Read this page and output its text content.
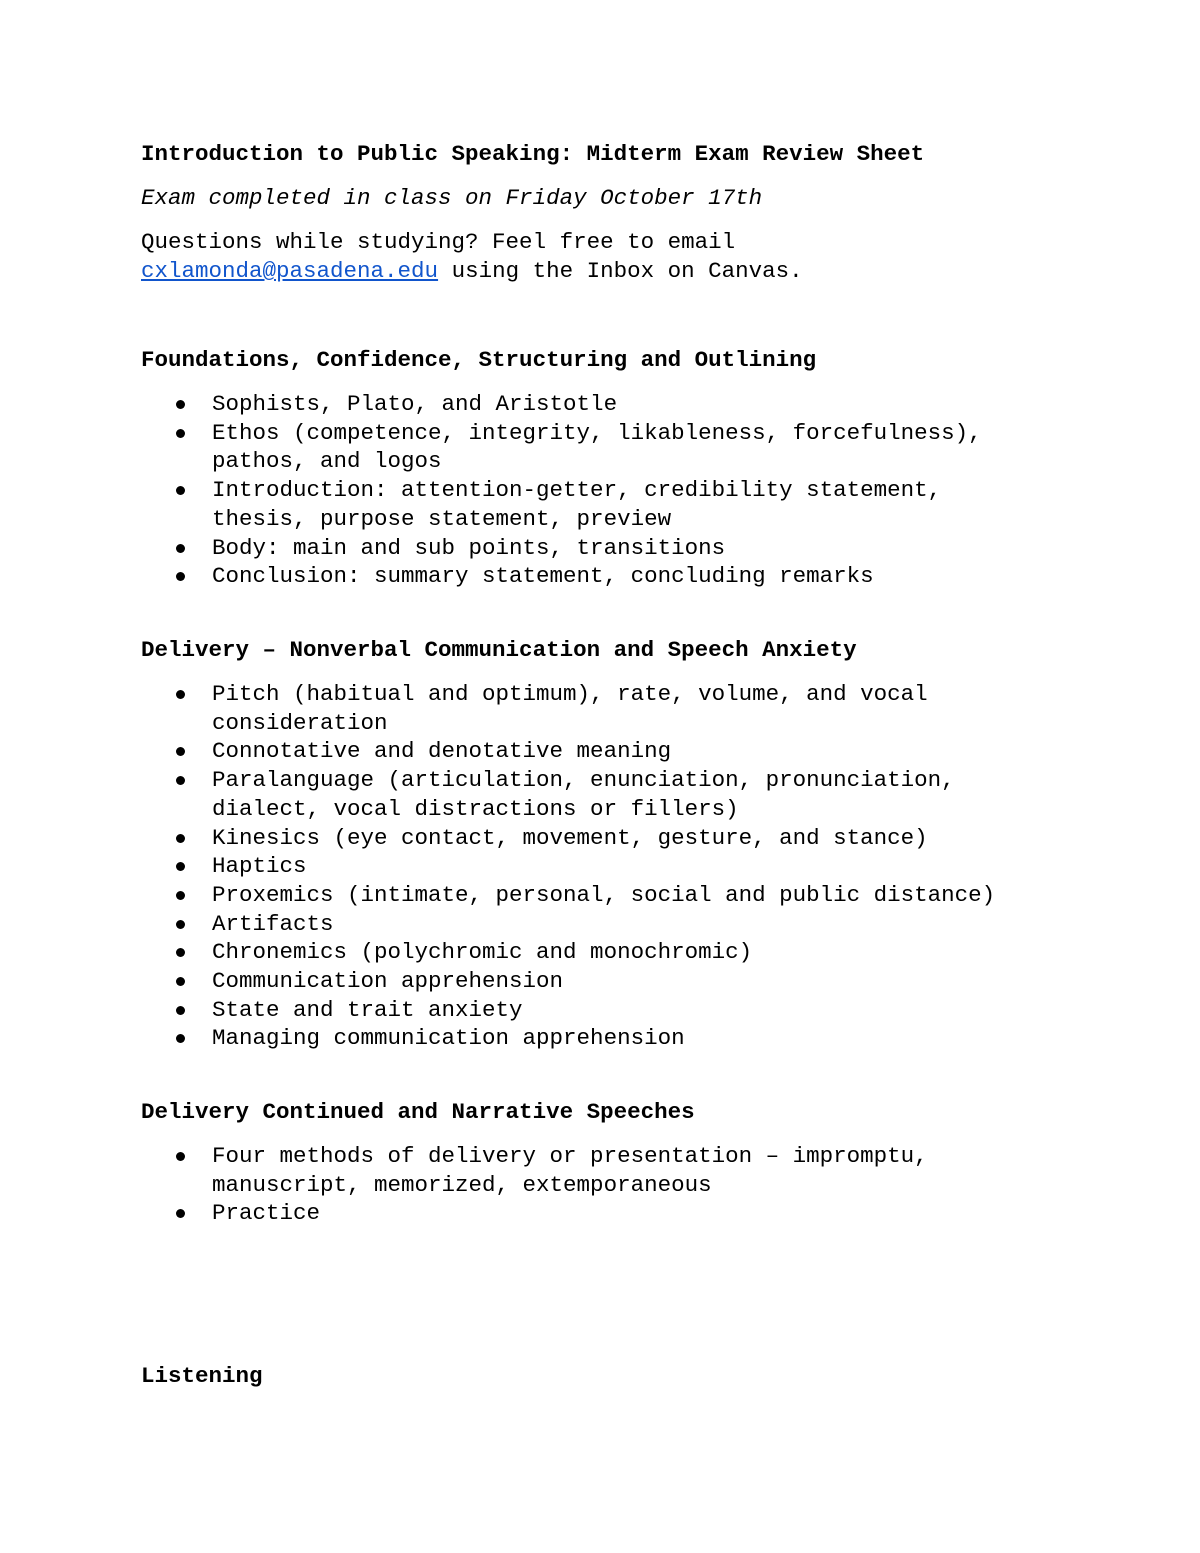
Introduction to Public Speaking: Midterm Exam Review Sheet
Exam completed in class on Friday October 17th
Questions while studying? Feel free to email
cxlamonda@pasadena.edu using the Inbox on Canvas.
Foundations, Confidence, Structuring and Outlining
Sophists, Plato, and Aristotle
Ethos (competence, integrity, likableness, forcefulness), pathos, and logos
Introduction: attention-getter, credibility statement, thesis, purpose statement, preview
Body: main and sub points, transitions
Conclusion: summary statement, concluding remarks
Delivery – Nonverbal Communication and Speech Anxiety
Pitch (habitual and optimum), rate, volume, and vocal consideration
Connotative and denotative meaning
Paralanguage (articulation, enunciation, pronunciation, dialect, vocal distractions or fillers)
Kinesics (eye contact, movement, gesture, and stance)
Haptics
Proxemics (intimate, personal, social and public distance)
Artifacts
Chronemics (polychromic and monochromic)
Communication apprehension
State and trait anxiety
Managing communication apprehension
Delivery Continued and Narrative Speeches
Four methods of delivery or presentation – impromptu, manuscript, memorized, extemporaneous
Practice
Listening
